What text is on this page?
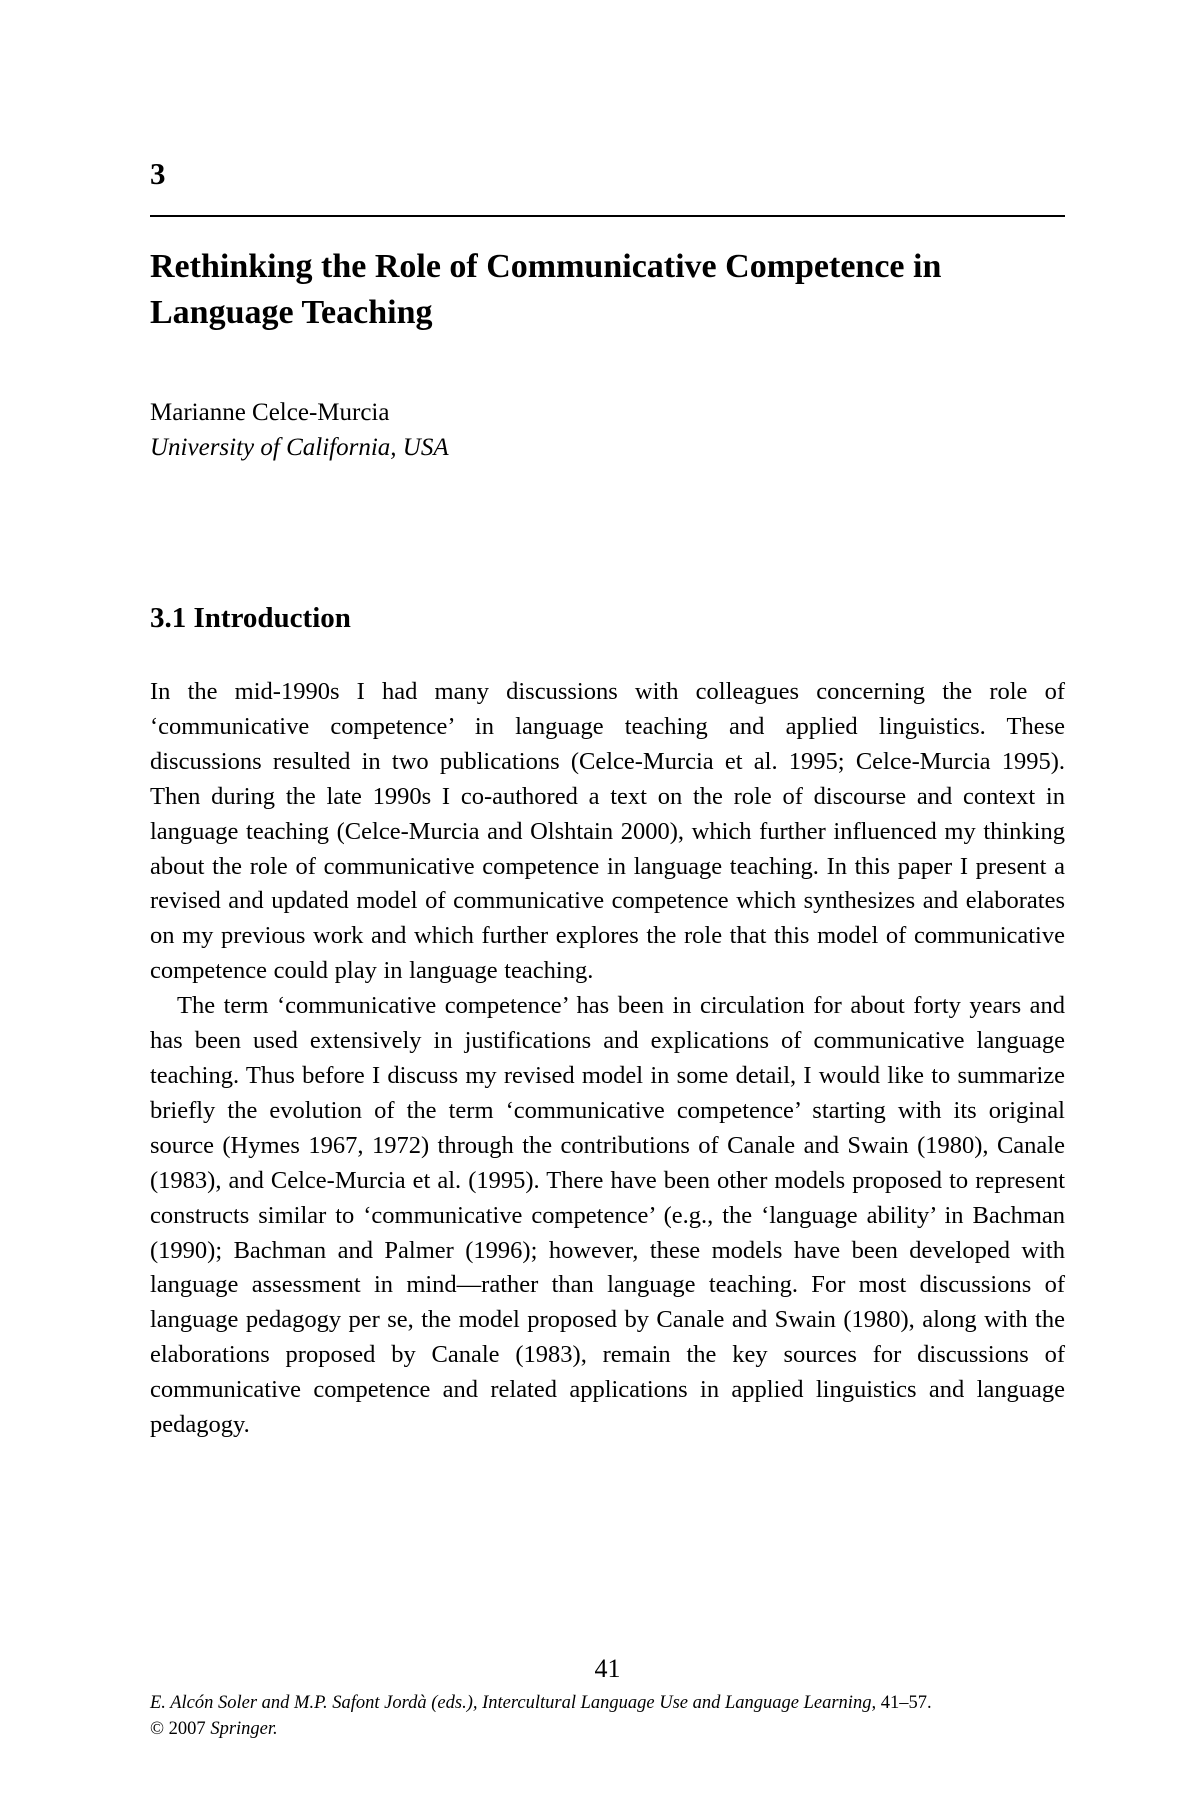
3
Rethinking the Role of Communicative Competence in Language Teaching
Marianne Celce-Murcia
University of California, USA
3.1 Introduction

In the mid-1990s I had many discussions with colleagues concerning the role of ‘communicative competence’ in language teaching and applied linguistics. These discussions resulted in two publications (Celce-Murcia et al. 1995; Celce-Murcia 1995). Then during the late 1990s I co-authored a text on the role of discourse and context in language teaching (Celce-Murcia and Olshtain 2000), which further influenced my thinking about the role of communicative competence in language teaching. In this paper I present a revised and updated model of communicative competence which synthesizes and elaborates on my previous work and which further explores the role that this model of communicative competence could play in language teaching.

The term ‘communicative competence’ has been in circulation for about forty years and has been used extensively in justifications and explications of communicative language teaching. Thus before I discuss my revised model in some detail, I would like to summarize briefly the evolution of the term ‘communicative competence’ starting with its original source (Hymes 1967, 1972) through the contributions of Canale and Swain (1980), Canale (1983), and Celce-Murcia et al. (1995). There have been other models proposed to represent constructs similar to ‘communicative competence’ (e.g., the ‘language ability’ in Bachman (1990); Bachman and Palmer (1996); however, these models have been developed with language assessment in mind—rather than language teaching. For most discussions of language pedagogy per se, the model proposed by Canale and Swain (1980), along with the elaborations proposed by Canale (1983), remain the key sources for discussions of communicative competence and related applications in applied linguistics and language pedagogy.

41
E. Alcón Soler and M.P. Safont Jordà (eds.), Intercultural Language Use and Language Learning, 41–57.
© 2007 Springer.
